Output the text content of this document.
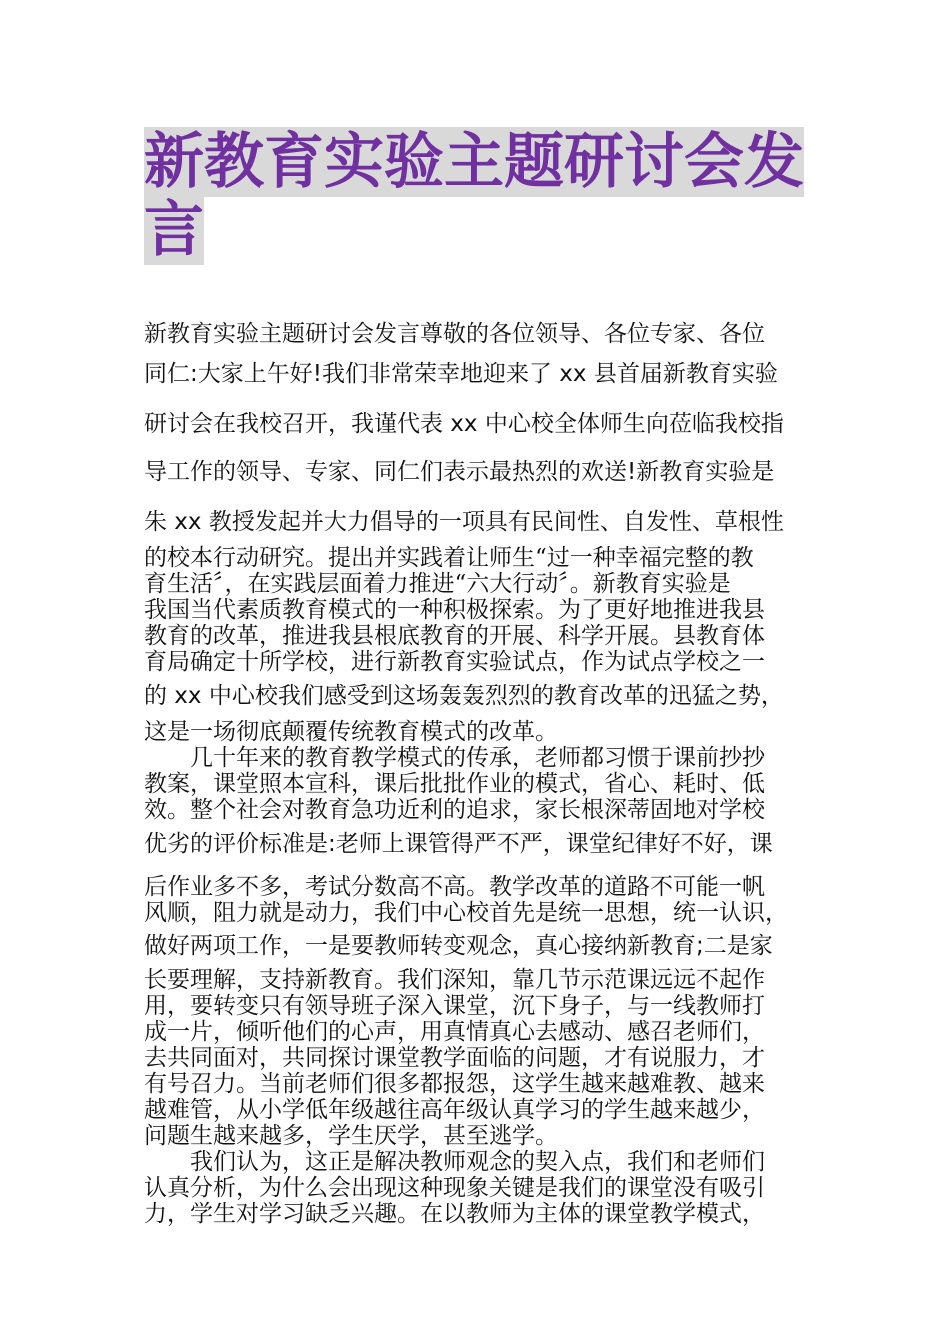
新教育实验主题研讨会发言

新教育实验主题研讨会发言尊敬的各位领导、各位专家、各位

同仁:大家上午好!我们非常荣幸地迎来了 xx 县首届新教育实验

研讨会在我校召开，我谨代表 xx 中心校全体师生向莅临我校指

导工作的领导、专家、同仁们表示最热烈的欢送!新教育实验是

朱 xx 教授发起并大力倡导的一项具有民间性、自发性、草根性

的校本行动研究。提出并实践着让师生“过一种幸福完整的教

育生活〞，在实践层面着力推进“六大行动〞。新教育实验是

我国当代素质教育模式的一种积极探索。为了更好地推进我县

教育的改革，推进我县根底教育的开展、科学开展。县教育体

育局确定十所学校，进行新教育实验试点，作为试点学校之一

的 xx 中心校我们感受到这场轰轰烈烈的教育改革的迅猛之势，

这是一场彻底颠覆传统教育模式的改革。

　　几十年来的教育教学模式的传承，老师都习惯于课前抄抄

教案，课堂照本宣科，课后批批作业的模式，省心、耗时、低

效。整个社会对教育急功近利的追求，家长根深蒂固地对学校

优劣的评价标准是:老师上课管得严不严，课堂纪律好不好，课

后作业多不多，考试分数高不高。教学改革的道路不可能一帆

风顺，阻力就是动力，我们中心校首先是统一思想，统一认识，

做好两项工作，一是要教师转变观念，真心接纳新教育;二是家

长要理解，支持新教育。我们深知，靠几节示范课远远不起作

用，要转变只有领导班子深入课堂，沉下身子，与一线教师打

成一片，倾听他们的心声，用真情真心去感动、感召老师们，

去共同面对，共同探讨课堂教学面临的问题，才有说服力，才

有号召力。当前老师们很多都报怨，这学生越来越难教、越来

越难管，从小学低年级越往高年级认真学习的学生越来越少，

问题生越来越多，学生厌学，甚至逃学。

　　我们认为，这正是解决教师观念的契入点，我们和老师们

认真分析，为什么会出现这种现象关键是我们的课堂没有吸引

力，学生对学习缺乏兴趣。在以教师为主体的课堂教学模式，
